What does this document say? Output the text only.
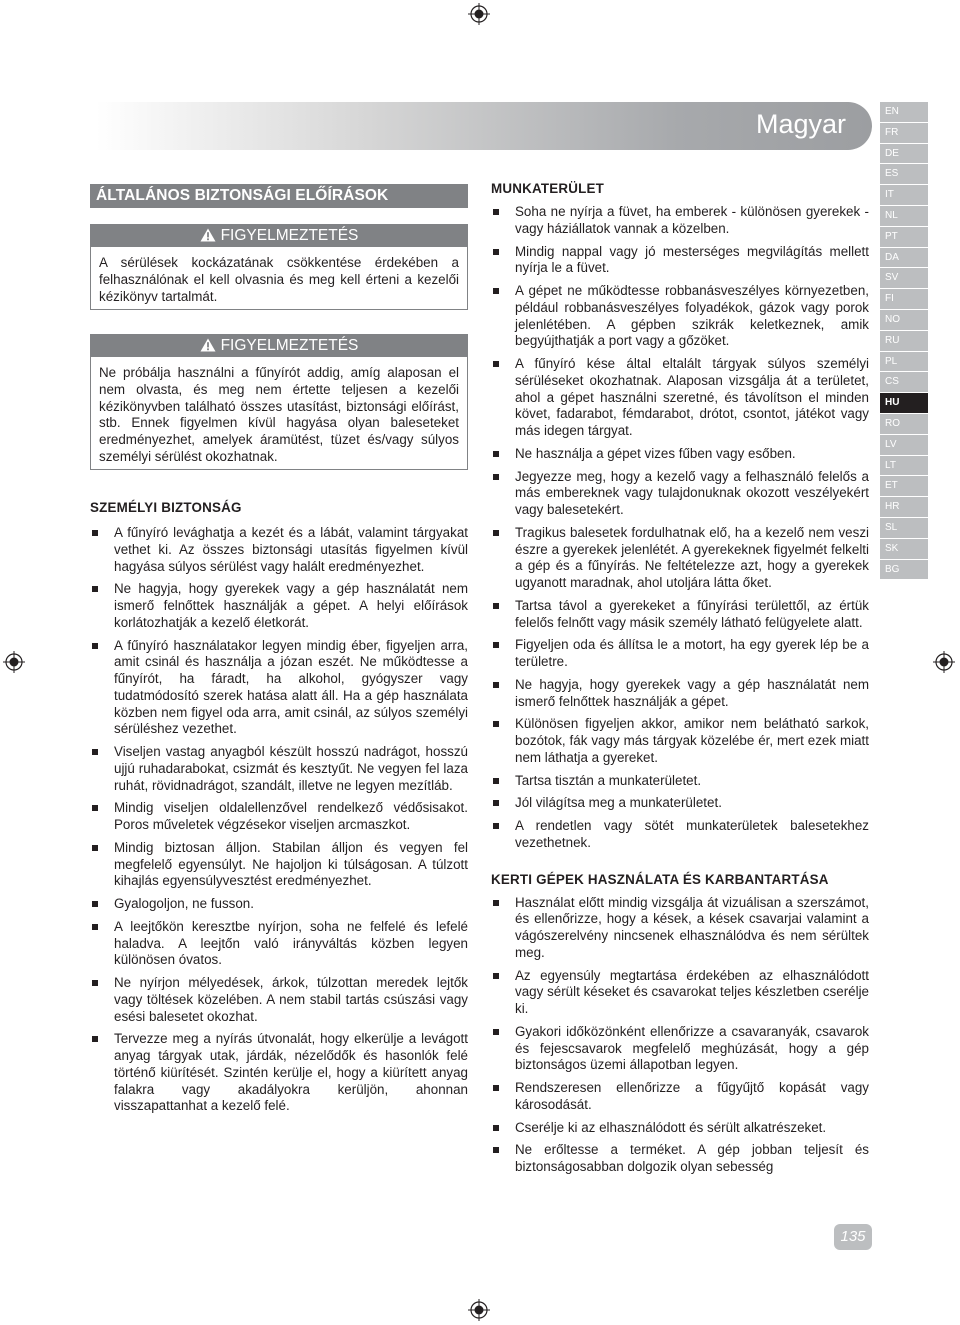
Magyar	EN
FR
DE
ES
IT
NL
PT
DA
SV
FI
NO
RU
PL
CS
HU
RO
LV
LT
ET
HR
SL
SK
BG
ÁLTALÁNOS BIZTONSÁGI ELŐÍRÁSOK
FIGYELMEZTETÉS
A sérülések kockázatának csökkentése érdekében a felhasználónak el kell olvasnia és meg kell érteni a kezelői kézikönyv tartalmát.
FIGYELMEZTETÉS
Ne próbálja használni a fűnyírót addig, amíg alaposan el nem olvasta, és meg nem értette teljesen a kezelői kézikönyvben található összes utasítást, biztonsági előírást, stb. Ennek figyelmen kívül hagyása olyan baleseteket eredményezhet, amelyek áramütést, tüzet és/vagy súlyos személyi sérülést okozhatnak.
SZEMÉLYI BIZTONSÁG
A fűnyíró levághatja a kezét és a lábát, valamint tárgyakat vethet ki. Az összes biztonsági utasítás figyelmen kívül hagyása súlyos sérülést vagy halált eredményezhet.
Ne hagyja, hogy gyerekek vagy a gép használatát nem ismerő felnőttek használják a gépet. A helyi előírások korlátozhatják a kezelő életkorát.
A fűnyíró használatakor legyen mindig éber, figyeljen arra, amit csinál és használja a józan eszét. Ne működtesse a fűnyírót, ha fáradt, ha alkohol, gyógyszer vagy tudatmódosító szerek hatása alatt áll. Ha a gép használata közben nem figyel oda arra, amit csinál, az súlyos személyi sérüléshez vezethet.
Viseljen vastag anyagból készült hosszú nadrágot, hosszú ujjú ruhadarabokat, csizmát és kesztyűt. Ne vegyen fel laza ruhát, rövidnadrágot, szandált, illetve ne legyen mezítláb.
Mindig viseljen oldalellenzővel rendelkező védősisakot. Poros műveletek végzésekor viseljen arcmaszkot.
Mindig biztosan álljon. Stabilan álljon és vegyen fel megfelelő egyensúlyt. Ne hajoljon ki túlságosan. A túlzott kihajlás egyensúlyvesztést eredményezhet.
Gyalogoljon, ne fusson.
A leejtőkön keresztbe nyírjon, soha ne felfelé és lefelé haladva. A leejtőn való irányváltás közben legyen különösen óvatos.
Ne nyírjon mélyedések, árkok, túlzottan meredek lejtők vagy töltések közelében. A nem stabil tartás csúszási vagy esési balesetet okozhat.
Tervezze meg a nyírás útvonalát, hogy elkerülje a levágott anyag tárgyak utak, járdák, nézelődők és hasonlók felé történő kiürítését. Szintén kerülje el, hogy a kiürített anyag falakra vagy akadályokra kerüljön, ahonnan visszapattanhat a kezelő felé.
MUNKATERÜLET
Soha ne nyírja a füvet, ha emberek - különösen gyerekek - vagy háziállatok vannak a közelben.
Mindig nappal vagy jó mesterséges megvilágítás mellett nyírja le a füvet.
A gépet ne működtesse robbanásveszélyes környezetben, például robbanásveszélyes folyadékok, gázok vagy porok jelenlétében. A gépben szikrák keletkeznek, amik begyújthatják a port vagy a gőzöket.
A fűnyíró kése által eltalált tárgyak súlyos személyi sérüléseket okozhatnak. Alaposan vizsgálja át a területet, ahol a gépet használni szeretné, és távolítson el minden követ, fadarabot, fémdarabot, drótot, csontot, játékot vagy más idegen tárgyat.
Ne használja a gépet vizes fűben vagy esőben.
Jegyezze meg, hogy a kezelő vagy a felhasználó felelős a más embereknek vagy tulajdonuknak okozott veszélyekért vagy balesetekért.
Tragikus balesetek fordulhatnak elő, ha a kezelő nem veszi észre a gyerekek jelenlétét. A gyerekeknek figyelmét felkelti a gép és a fűnyírás. Ne feltételezze azt, hogy a gyerekek ugyanott maradnak, ahol utoljára látta őket.
Tartsa távol a gyerekeket a fűnyírási területtől, az értük felelős felnőtt vagy másik személy látható felügyelete alatt.
Figyeljen oda és állítsa le a motort, ha egy gyerek lép be a területre.
Ne hagyja, hogy gyerekek vagy a gép használatát nem ismerő felnőttek használják a gépet.
Különösen figyeljen akkor, amikor nem belátható sarkok, bozótok, fák vagy más tárgyak közelébe ér, mert ezek miatt nem láthatja a gyereket.
Tartsa tisztán a munkaterületet.
Jól világítsa meg a munkaterületet.
A rendetlen vagy sötét munkaterületek balesetekhez vezethetnek.
KERTI GÉPEK HASZNÁLATA ÉS KARBANTARTÁSA
Használat előtt mindig vizsgálja át vizuálisan a szerszámot, és ellenőrizze, hogy a kések, a kések csavarjai valamint a vágószerelvény nincsenek elhasználódva és nem sérültek meg.
Az egyensúly megtartása érdekében az elhasználódott vagy sérült késeket és csavarokat teljes készletben cserélje ki.
Gyakori időközönként ellenőrizze a csavaranyák, csavarok és fejescsavarok megfelelő meghúzását, hogy a gép biztonságos üzemi állapotban legyen.
Rendszeresen ellenőrizze a fűgyűjtő kopását vagy károsodását.
Cserélje ki az elhasználódott és sérült alkatrészeket.
Ne erőltesse a terméket. A gép jobban teljesít és biztonságosabban dolgozik olyan sebesség
135
